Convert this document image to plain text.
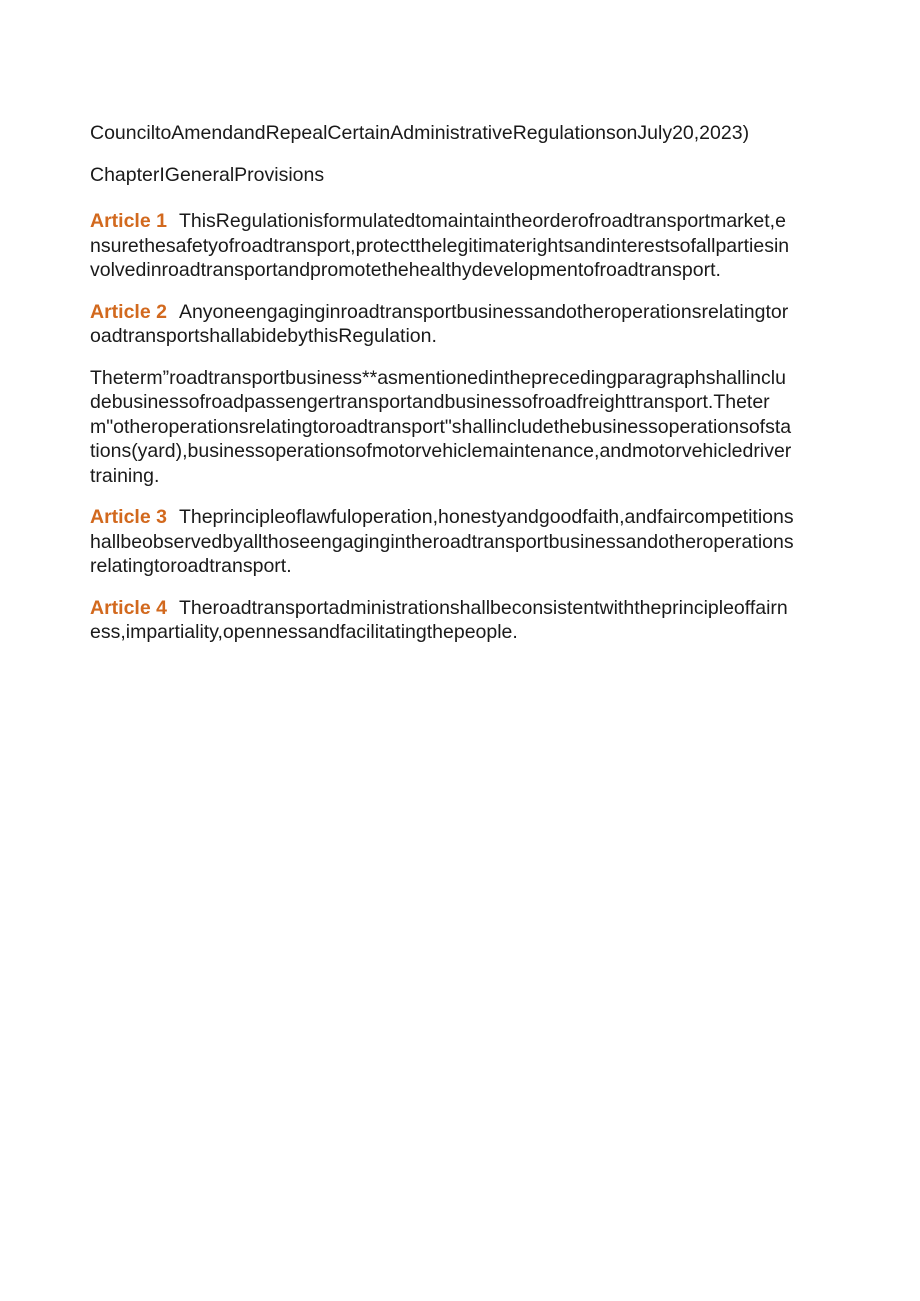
CounciltoAmendandRepealCertainAdministrativeRegulationsonJuly20,2023)

ChapterIGeneralProvisions

Article 1 ThisRegulationisformulatedtomaintaintheorderofroadtransportmarket,ensurethesafetyofroadtransport,protectthelegitimaterightsandinterestsofallpartiesinvolvedinroadtransportandpromotethehealthydevelopmentofroadtransport.

Article 2 AnyoneengaginginroadtransportbusinessandotheroperationsrelatingtoroadtransportshallabidebythisRegulation.

Theterm”roadtransportbusiness**asmentionedintheprecedingparagraphshallincludebusinessofroadpassengertransportandbusinessofroadfreighttransport.Theterm"otheroperationsrelatingtoroadtransport"shallincludethebusinessoperationsofstations(yard),businessoperationsofmotorvehiclemaintenance,andmotorvehicledrivertraining.

Article 3 Theprincipleoflawfuloperation,honestyandgoodfaith,andfaircompetitionshallbeobservedbyallthoseengagingintheroadtransportbusinessandotheroperationsrelatingtoroadtransport.

Article 4 Theroadtransportadministrationshallbeconsistentwiththeprincipleoffairness,impartiality,opennessandfacilitatingthepeople.
